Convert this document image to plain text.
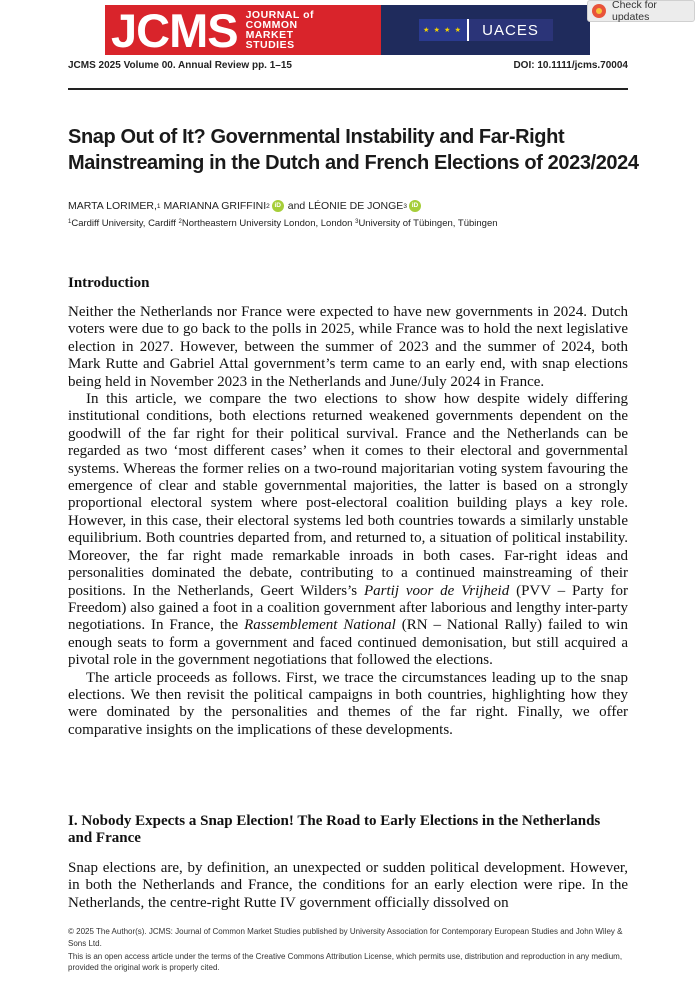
JCMS JOURNAL of
COMMON
MARKET
STUDIES
★ ★ ★ ★	UACES
Check for updates
JCMS 2025 Volume 00. Annual Review pp. 1–15	DOI: 10.1111/jcms.70004
Snap Out of It? Governmental Instability and Far-Right
Mainstreaming in the Dutch and French Elections of 2023/2024
MARTA LORIMER, 1
MARIANNA GRIFFINI 2 iD and
LÉONIE DE JONGE 3 iD
$^1$Cardiff University, Cardiff $^2$Northeastern University London, London $^3$University of Tübingen, Tübingen
Introduction

Neither the Netherlands nor France were expected to have new governments in 2024. Dutch voters were due to go back to the polls in 2025, while France was to hold the next legislative election in 2027. However, between the summer of 2023 and the summer of 2024, both Mark Rutte and Gabriel Attal government’s term came to an early end, with snap elections being held in November 2023 in the Netherlands and June/July 2024 in France.

In this article, we compare the two elections to show how despite widely differing institutional conditions, both elections returned weakened governments dependent on the goodwill of the far right for their political survival. France and the Netherlands can be regarded as two ‘most different cases’ when it comes to their electoral and governmental systems. Whereas the former relies on a two-round majoritarian voting system favouring the emergence of clear and stable governmental majorities, the latter is based on a strongly proportional electoral system where post-electoral coalition building plays a key role. However, in this case, their electoral systems led both countries towards a similarly unstable equilibrium. Both countries departed from, and returned to, a situation of political instability. Moreover, the far right made remarkable inroads in both cases. Far-right ideas and personalities dominated the debate, contributing to a continued mainstreaming of their positions. In the Netherlands, Geert Wilders’s Partij voor de Vrijheid (PVV – Party for Freedom) also gained a foot in a coalition government after laborious and lengthy inter-party negotiations. In France, the Rassemblement National (RN – National Rally) failed to win enough seats to form a government and faced continued demonisation, but still acquired a pivotal role in the government negotiations that followed the elections.

The article proceeds as follows. First, we trace the circumstances leading up to the snap elections. We then revisit the political campaigns in both countries, highlighting how they were dominated by the personalities and themes of the far right. Finally, we offer comparative insights on the implications of these developments.

I. Nobody Expects a Snap Election! The Road to Early Elections in the Netherlands and France

Snap elections are, by definition, an unexpected or sudden political development. However, in both the Netherlands and France, the conditions for an early election were ripe. In the Netherlands, the centre-right Rutte IV government officially dissolved on

© 2025 The Author(s). JCMS: Journal of Common Market Studies published by University Association for Contemporary European Studies and John Wiley & Sons Ltd.

This is an open access article under the terms of the Creative Commons Attribution License, which permits use, distribution and reproduction in any medium, provided the original work is properly cited.
